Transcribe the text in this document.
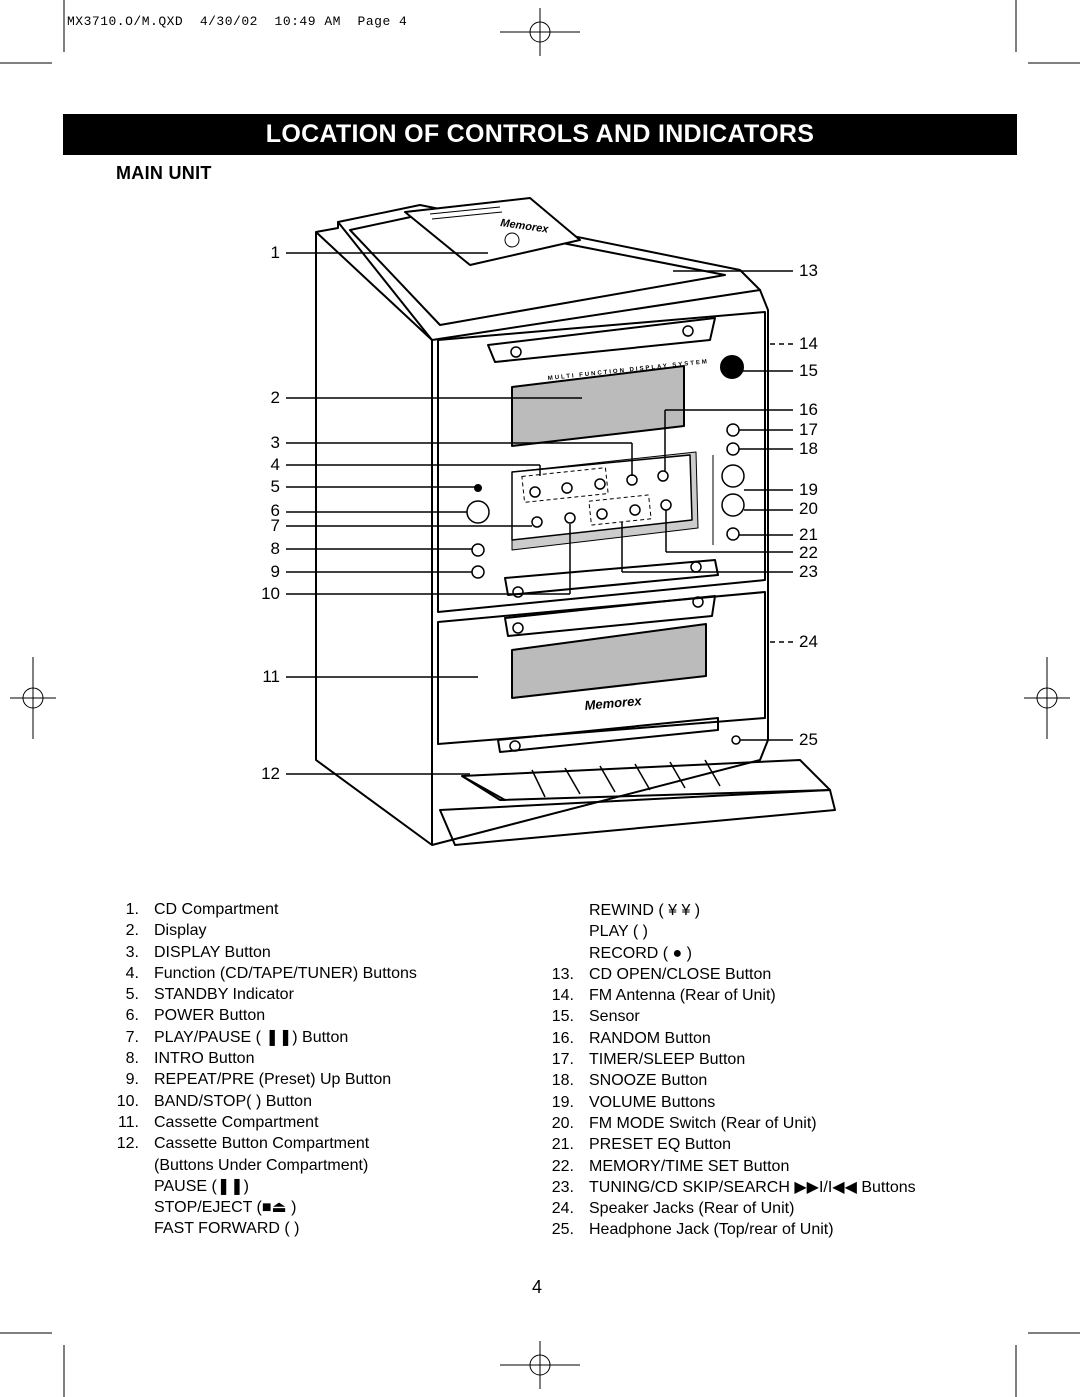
MX3710.O/M.QXD  4/30/02  10:49 AM  Page 4
LOCATION OF CONTROLS AND INDICATORS
MAIN UNIT
Memorex
MULTI FUNCTION DISPLAY SYSTEM
Memorex
1
2
3
4
5
6
7
8
9
10
11
12
13
14
15
16
17
18
19
20
21
22
23
24
25
1. CD Compartment
2. Display
3. DISPLAY Button
4. Function (CD/TAPE/TUNER) Buttons
5. STANDBY Indicator
6. POWER Button
7. PLAY/PAUSE ( ❚❚) Button
8. INTRO Button
9. REPEAT/PRE (Preset) Up Button
10. BAND/STOP( ) Button
11. Cassette Compartment
12. Cassette Button Compartment
(Buttons Under Compartment)
PAUSE (❚❚)
STOP/EJECT (■⏏ )
FAST FORWARD ( )
REWIND ( ¥ ¥ )
PLAY ( )
RECORD ( ● )
13. CD OPEN/CLOSE Button
14. FM Antenna (Rear of Unit)
15. Sensor
16. RANDOM Button
17. TIMER/SLEEP Button
18. SNOOZE Button
19. VOLUME Buttons
20. FM MODE Switch (Rear of Unit)
21. PRESET EQ Button
22. MEMORY/TIME SET Button
23. TUNING/CD SKIP/SEARCH ▶▶I/I◀◀ Buttons
24. Speaker Jacks (Rear of Unit)
25. Headphone Jack (Top/rear of Unit)
4
